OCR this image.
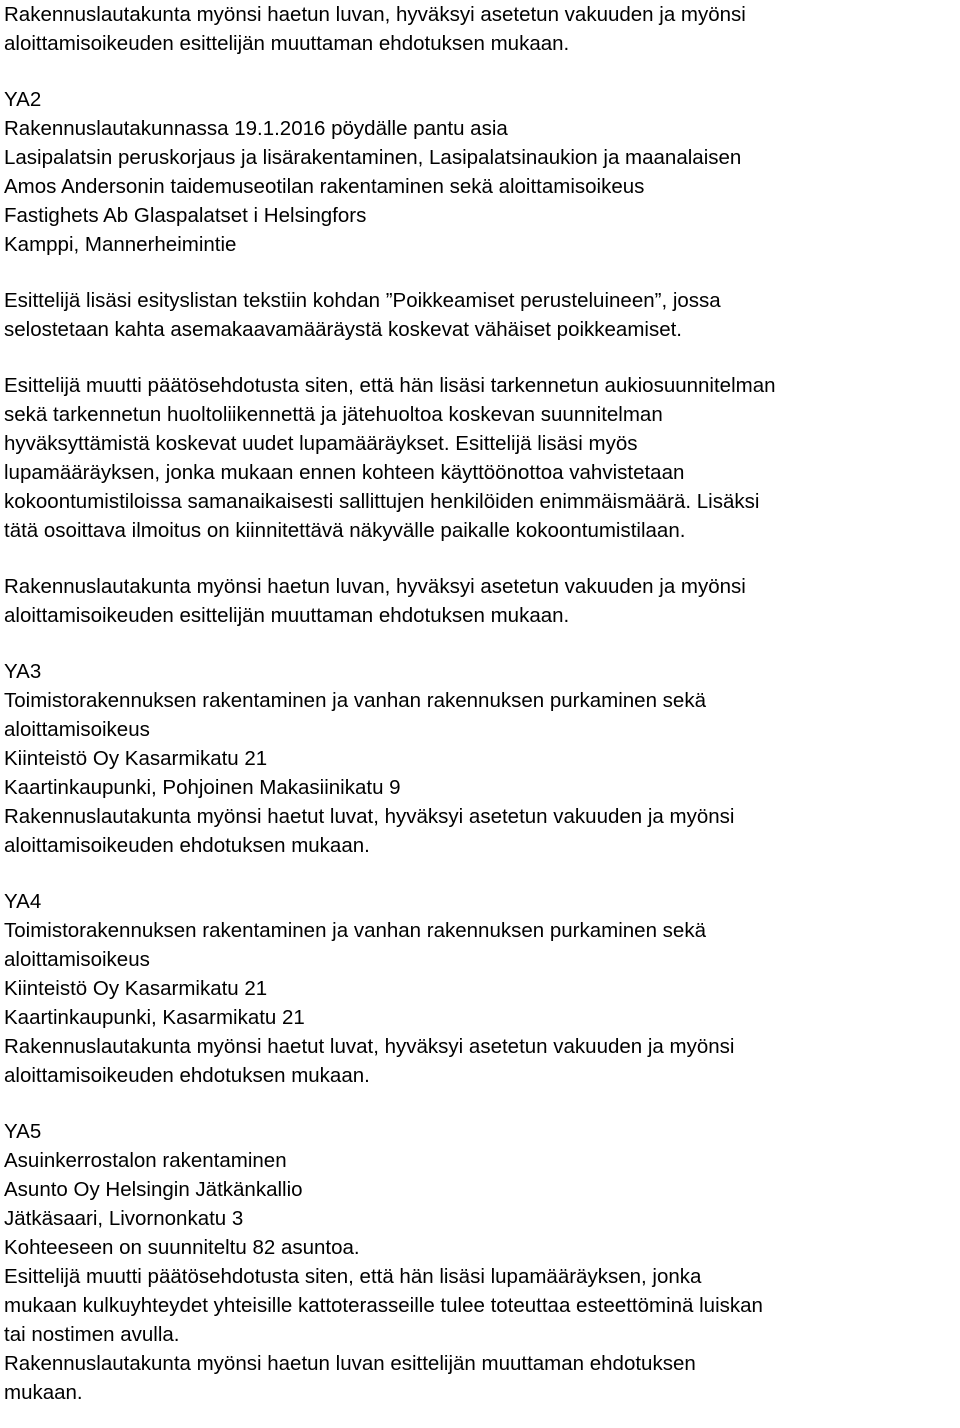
Rakennuslautakunta myönsi haetun luvan, hyväksyi asetetun vakuuden ja myönsi
aloittamisoikeuden esittelijän muuttaman ehdotuksen mukaan.
YA2
Rakennuslautakunnassa 19.1.2016 pöydälle pantu asia
Lasipalatsin peruskorjaus ja lisärakentaminen, Lasipalatsinaukion ja maanalaisen
Amos Andersonin taidemuseotilan rakentaminen sekä aloittamisoikeus
Fastighets Ab Glaspalatset i Helsingfors
Kamppi, Mannerheimintie
Esittelijä lisäsi esityslistan tekstiin kohdan ”Poikkeamiset perusteluineen”, jossa
selostetaan kahta asemakaavamääräystä koskevat vähäiset poikkeamiset.
Esittelijä muutti päätösehdotusta siten, että hän lisäsi tarkennetun aukiosuunnitelman
sekä tarkennetun huoltoliikennettä ja jätehuoltoa koskevan suunnitelman
hyväksyttämistä koskevat uudet lupamääräykset. Esittelijä lisäsi myös
lupamääräyksen, jonka mukaan ennen kohteen käyttöönottoa vahvistetaan
kokoontumistiloissa samanaikaisesti sallittujen henkilöiden enimmäismäärä. Lisäksi
tätä osoittava ilmoitus on kiinnitettävä näkyvälle paikalle kokoontumistilaan.
Rakennuslautakunta myönsi haetun luvan, hyväksyi asetetun vakuuden ja myönsi
aloittamisoikeuden esittelijän muuttaman ehdotuksen mukaan.
YA3
Toimistorakennuksen rakentaminen ja vanhan rakennuksen purkaminen sekä
aloittamisoikeus
Kiinteistö Oy Kasarmikatu 21
Kaartinkaupunki, Pohjoinen Makasiinikatu 9
Rakennuslautakunta myönsi haetut luvat, hyväksyi asetetun vakuuden ja myönsi
aloittamisoikeuden ehdotuksen mukaan.
YA4
Toimistorakennuksen rakentaminen ja vanhan rakennuksen purkaminen sekä
aloittamisoikeus
Kiinteistö Oy Kasarmikatu 21
Kaartinkaupunki, Kasarmikatu 21
Rakennuslautakunta myönsi haetut luvat, hyväksyi asetetun vakuuden ja myönsi
aloittamisoikeuden ehdotuksen mukaan.
YA5
Asuinkerrostalon rakentaminen
Asunto Oy Helsingin Jätkänkallio
Jätkäsaari, Livornonkatu 3
Kohteeseen on suunniteltu 82 asuntoa.
Esittelijä muutti päätösehdotusta siten, että hän lisäsi lupamääräyksen, jonka
mukaan kulkuyhteydet yhteisille kattoterasseille tulee toteuttaa esteettöminä luiskan
tai nostimen avulla.
Rakennuslautakunta myönsi haetun luvan esittelijän muuttaman ehdotuksen
mukaan.
